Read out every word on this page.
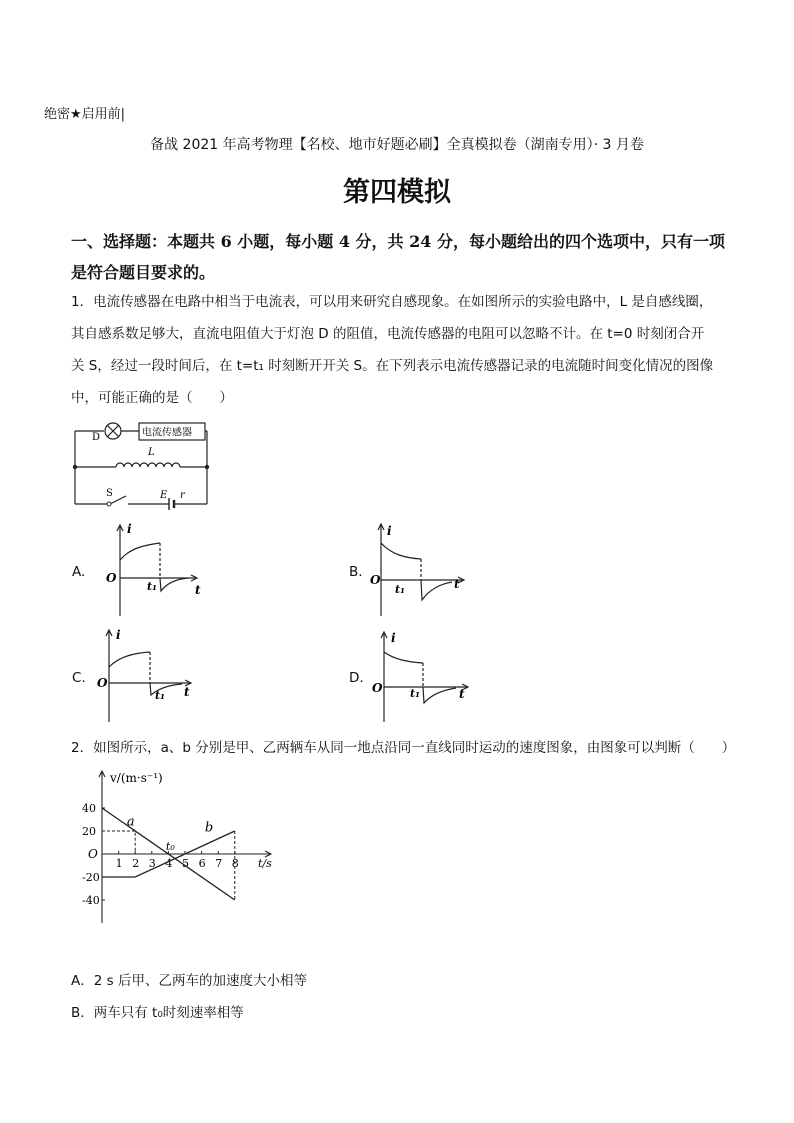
绝密★启用前|
备战 2021 年高考物理【名校、地市好题必刷】全真模拟卷（湖南专用）· 3 月卷
第四模拟
一、选择题：本题共 6 小题，每小题 4 分，共 24 分，每小题给出的四个选项中，只有一项
是符合题目要求的。
1．电流传感器在电路中相当于电流表，可以用来研究自感现象。在如图所示的实验电路中，L 是自感线圈，
其自感系数足够大，直流电阻值大于灯泡 D 的阻值，电流传感器的电阻可以忽略不计。在 t=0 时刻闭合开
关 S，经过一段时间后，在 t=t₁ 时刻断开开关 S。在下列表示电流传感器记录的电流随时间变化情况的图像
中，可能正确的是（　　）
D	电流传感器
L
S	E r
A.
i
O
t
t₁
B.
i
O	t
t₁
C.
i
O
t
t₁
D.
i
O	t
t₁
2．如图所示，a、b 分别是甲、乙两辆车从同一地点沿同一直线同时运动的速度图象，由图象可以判断（　　）
1 2 3 4 5 6 7 8
40
20
-20
-40
a	b
t₀
v/(m·s⁻¹)
t/s
O
A．2 s 后甲、乙两车的加速度大小相等
B．两车只有 t₀时刻速率相等
